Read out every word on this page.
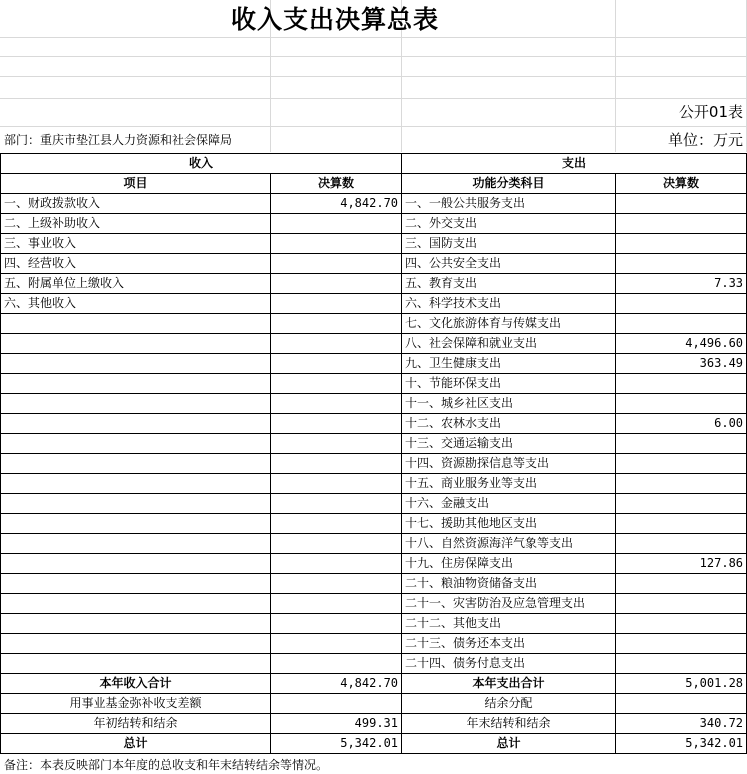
收入支出决算总表
公开01表
部门：重庆市垫江县人力资源和社会保障局	单位：万元
收入		支出	
项目	决算数	功能分类科目	决算数
一、财政拨款收入	4,842.70	一、一般公共服务支出	
二、上级补助收入		二、外交支出	
三、事业收入		三、国防支出	
四、经营收入		四、公共安全支出	
五、附属单位上缴收入		五、教育支出	7.33
六、其他收入		六、科学技术支出	
		七、文化旅游体育与传媒支出	
		八、社会保障和就业支出	4,496.60
		九、卫生健康支出	363.49
		十、节能环保支出	
		十一、城乡社区支出	
		十二、农林水支出	6.00
		十三、交通运输支出	
		十四、资源勘探信息等支出	
		十五、商业服务业等支出	
		十六、金融支出	
		十七、援助其他地区支出	
		十八、自然资源海洋气象等支出	
		十九、住房保障支出	127.86
		二十、粮油物资储备支出	
		二十一、灾害防治及应急管理支出	
		二十二、其他支出	
		二十三、债务还本支出	
		二十四、债务付息支出	
本年收入合计	4,842.70	本年支出合计	5,001.28
用事业基金弥补收支差额		结余分配	
年初结转和结余	499.31	年末结转和结余	340.72
总计	5,342.01	总计	5,342.01
备注：本表反映部门本年度的总收支和年末结转结余等情况。
